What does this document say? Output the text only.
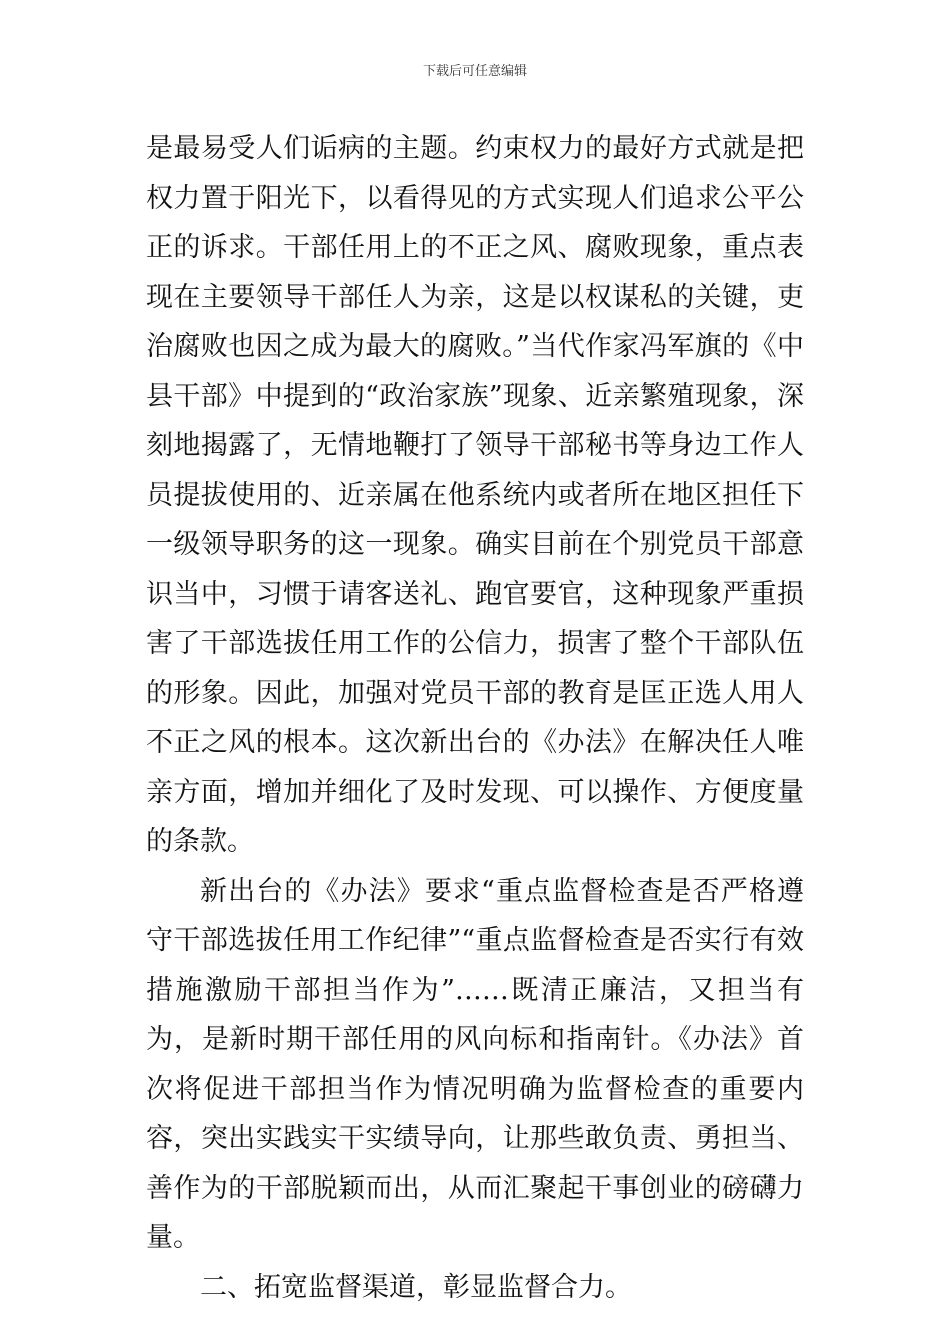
下载后可任意编辑

是最易受人们诟病的主题。约束权力的最好方式就是把权力置于阳光下，以看得见的方式实现人们追求公平公正的诉求。干部任用上的不正之风、腐败现象，重点表现在主要领导干部任人为亲，这是以权谋私的关键，吏治腐败也因之成为最大的腐败。”当代作家冯军旗的《中县干部》中提到的“政治家族”现象、近亲繁殖现象，深刻地揭露了，无情地鞭打了领导干部秘书等身边工作人员提拔使用的、近亲属在他系统内或者所在地区担任下一级领导职务的这一现象。确实目前在个别党员干部意识当中，习惯于请客送礼、跑官要官，这种现象严重损害了干部选拔任用工作的公信力，损害了整个干部队伍的形象。因此，加强对党员干部的教育是匡正选人用人不正之风的根本。这次新出台的《办法》在解决任人唯亲方面，增加并细化了及时发现、可以操作、方便度量的条款。

新出台的《办法》要求“重点监督检查是否严格遵守干部选拔任用工作纪律”“重点监督检查是否实行有效措施激励干部担当作为”……既清正廉洁，又担当有为，是新时期干部任用的风向标和指南针。《办法》首次将促进干部担当作为情况明确为监督检查的重要内容，突出实践实干实绩导向，让那些敢负责、勇担当、善作为的干部脱颖而出，从而汇聚起干事创业的磅礴力量。

二、拓宽监督渠道，彰显监督合力。
